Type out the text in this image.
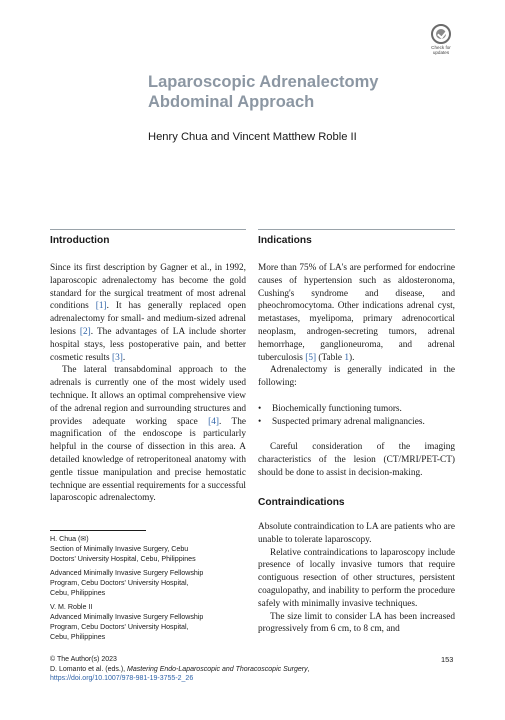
Check for
updates
Laparoscopic Adrenalectomy
Abdominal Approach
Henry Chua and Vincent Matthew Roble II
Introduction

Since its first description by Gagner et al., in 1992, laparoscopic adrenalectomy has become the gold standard for the surgical treatment of most adrenal conditions [1]. It has generally replaced open adrenalectomy for small- and medium-sized adrenal lesions [2]. The advantages of LA include shorter hospital stays, less postoperative pain, and better cosmetic results [3].

The lateral transabdominal approach to the adrenals is currently one of the most widely used technique. It allows an optimal comprehensive view of the adrenal region and surrounding structures and provides adequate working space [4]. The magnification of the endoscope is particularly helpful in the course of dissection in this area. A detailed knowledge of retroperitoneal anatomy with gentle tissue manipulation and precise hemostatic technique are essential requirements for a successful laparoscopic adrenalectomy.

H. Chua (✉)

Section of Minimally Invasive Surgery, Cebu

Doctors' University Hospital, Cebu, Philippines

Advanced Minimally Invasive Surgery Fellowship

Program, Cebu Doctors' University Hospital,

Cebu, Philippines

V. M. Roble II

Advanced Minimally Invasive Surgery Fellowship

Program, Cebu Doctors' University Hospital,

Cebu, Philippines

Indications

More than 75% of LA's are performed for endocrine causes of hypertension such as aldosteronoma, Cushing's syndrome and disease, and pheochromocytoma. Other indications adrenal cyst, metastases, myelipoma, primary adrenocortical neoplasm, androgen-secreting tumors, adrenal hemorrhage, ganglioneuroma, and adrenal tuberculosis [5] (Table 1).

Adrenalectomy is generally indicated in the following:

• Biochemically functioning tumors.
• Suspected primary adrenal malignancies.

Careful consideration of the imaging characteristics of the lesion (CT/MRI/PET-CT) should be done to assist in decision-making.

Contraindications

Absolute contraindication to LA are patients who are unable to tolerate laparoscopy.

Relative contraindications to laparoscopy include presence of locally invasive tumors that require contiguous resection of other structures, persistent coagulopathy, and inability to perform the procedure safely with minimally invasive techniques.

The size limit to consider LA has been increased progressively from 6 cm, to 8 cm, and

© The Author(s) 2023
D. Lomanto et al. (eds.), Mastering Endo-Laparoscopic and Thoracoscopic Surgery,
https://doi.org/10.1007/978-981-19-3755-2_26
153
